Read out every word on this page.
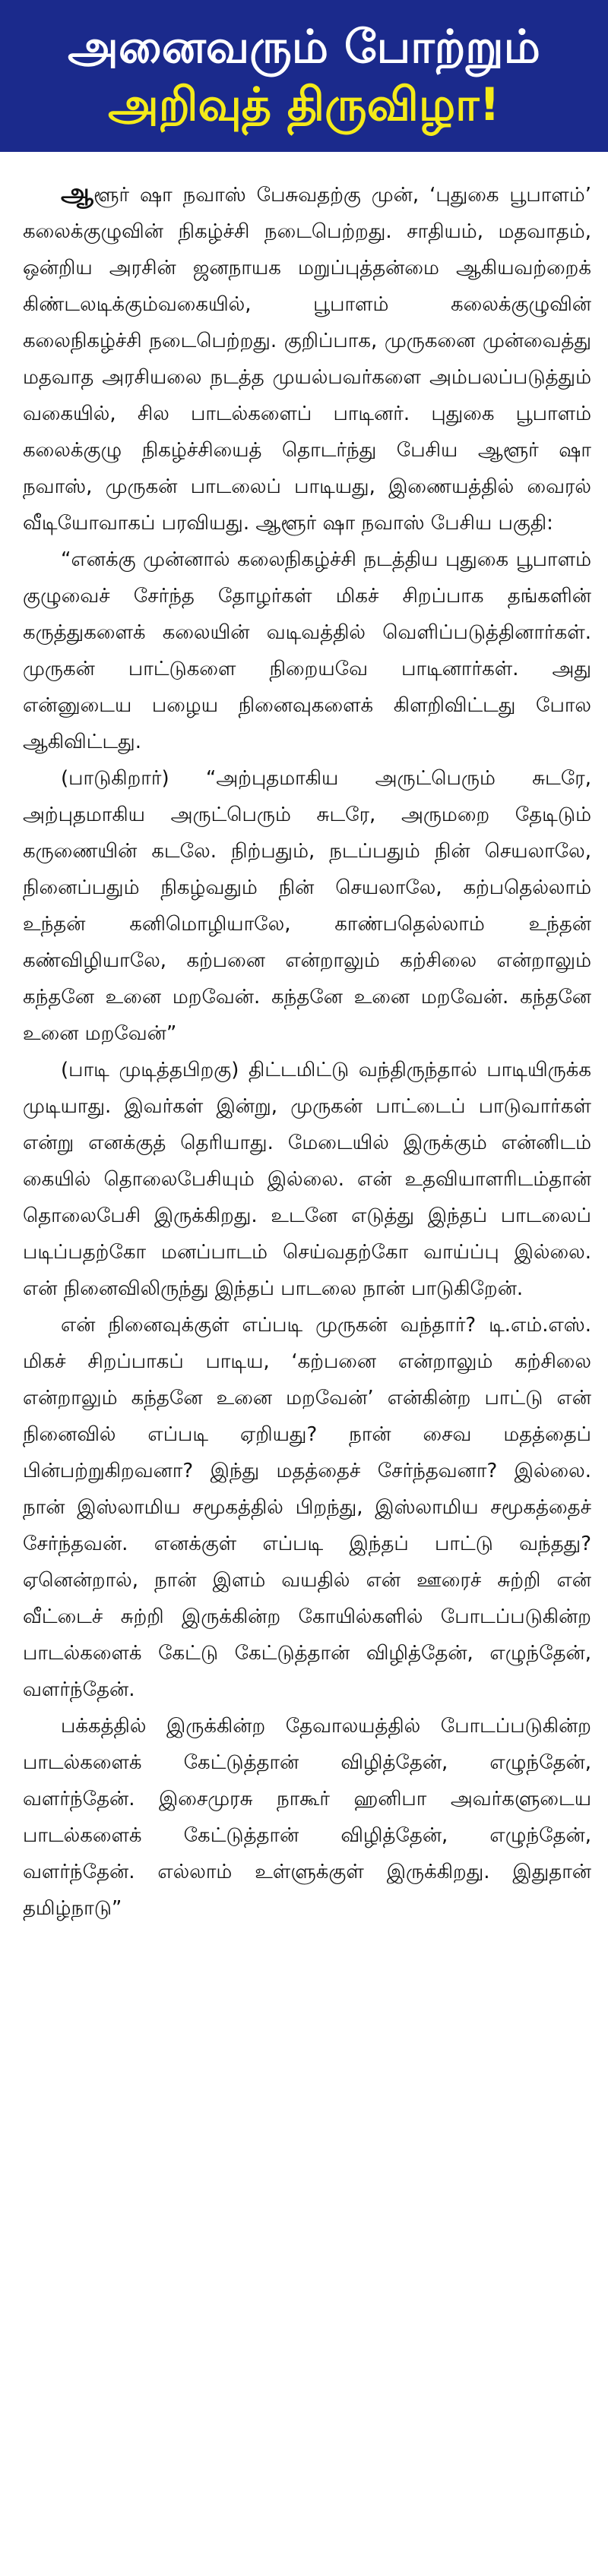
அனைவரும் போற்றும்
அறிவுத் திருவிழா!

ஆளூர் ஷா நவாஸ் பேசுவதற்கு முன், ‘புதுகை பூபாளம்’ கலைக்குழுவின் நிகழ்ச்சி நடைபெற்றது. சாதியம், மதவாதம், ஒன்றிய அரசின் ஜனநாயக மறுப்புத்தன்மை ஆகியவற்றைக் கிண்டலடிக்கும்வகையில், பூபாளம் கலைக்குழுவின் கலைநிகழ்ச்சி நடைபெற்றது. குறிப்பாக, முருகனை முன்வைத்து மதவாத அரசியலை நடத்த முயல்பவர்களை அம்பலப்படுத்தும் வகையில், சில பாடல்களைப் பாடினர். புதுகை பூபாளம் கலைக்குழு நிகழ்ச்சியைத் தொடர்ந்து பேசிய ஆளூர் ஷா நவாஸ், முருகன் பாடலைப் பாடியது, இணையத்தில் வைரல் வீடியோவாகப் பரவியது. ஆளூர் ஷா நவாஸ் பேசிய பகுதி:

“எனக்கு முன்னால் கலைநிகழ்ச்சி நடத்திய புதுகை பூபாளம் குழுவைச் சேர்ந்த தோழர்கள் மிகச் சிறப்பாக தங்களின் கருத்துகளைக் கலையின் வடிவத்தில் வெளிப்படுத்தினார்கள். முருகன் பாட்டுகளை நிறையவே பாடினார்கள். அது என்னுடைய பழைய நினைவுகளைக் கிளறிவிட்டது போல ஆகிவிட்டது.

(பாடுகிறார்) “அற்புதமாகிய அருட்பெரும் சுடரே, அற்புதமாகிய அருட்பெரும் சுடரே, அருமறை தேடிடும் கருணையின் கடலே. நிற்பதும், நடப்பதும் நின் செயலாலே, நினைப்பதும் நிகழ்வதும் நின் செயலாலே, கற்பதெல்லாம் உந்தன் கனிமொழியாலே, காண்பதெல்லாம் உந்தன் கண்விழியாலே, கற்பனை என்றாலும் கற்சிலை என்றாலும் கந்தனே உனை மறவேன். கந்தனே உனை மறவேன். கந்தனே உனை மறவேன்”

(பாடி முடித்தபிறகு) திட்டமிட்டு வந்திருந்தால் பாடியிருக்க முடியாது. இவர்கள் இன்று, முருகன் பாட்டைப் பாடுவார்கள் என்று எனக்குத் தெரியாது. மேடையில் இருக்கும் என்னிடம் கையில் தொலைபேசியும் இல்லை. என் உதவியாளரிடம்தான் தொலைபேசி இருக்கிறது. உடனே எடுத்து இந்தப் பாடலைப் படிப்பதற்கோ மனப்பாடம் செய்வதற்கோ வாய்ப்பு இல்லை. என் நினைவிலிருந்து இந்தப் பாடலை நான் பாடுகிறேன்.

என் நினைவுக்குள் எப்படி முருகன் வந்தார்? டி.எம்.எஸ். மிகச் சிறப்பாகப் பாடிய, ‘கற்பனை என்றாலும் கற்சிலை என்றாலும் கந்தனே உனை மறவேன்’ என்கின்ற பாட்டு என் நினைவில் எப்படி ஏறியது? நான் சைவ மதத்தைப் பின்பற்றுகிறவனா? இந்து மதத்தைச் சேர்ந்தவனா? இல்லை. நான் இஸ்லாமிய சமூகத்தில் பிறந்து, இஸ்லாமிய சமூகத்தைச் சேர்ந்தவன். எனக்குள் எப்படி இந்தப் பாட்டு வந்தது? ஏனென்றால், நான் இளம் வயதில் என் ஊரைச் சுற்றி என் வீட்டைச் சுற்றி இருக்கின்ற கோயில்களில் போடப்படுகின்ற பாடல்களைக் கேட்டு கேட்டுத்தான் விழித்தேன், எழுந்தேன், வளர்ந்தேன்.

பக்கத்தில் இருக்கின்ற தேவாலயத்தில் போடப்படுகின்ற பாடல்களைக் கேட்டுத்தான் விழித்தேன், எழுந்தேன், வளர்ந்தேன். இசைமுரசு நாகூர் ஹனிபா அவர்களுடைய பாடல்களைக் கேட்டுத்தான் விழித்தேன், எழுந்தேன், வளர்ந்தேன். எல்லாம் உள்ளுக்குள் இருக்கிறது. இதுதான் தமிழ்நாடு”
